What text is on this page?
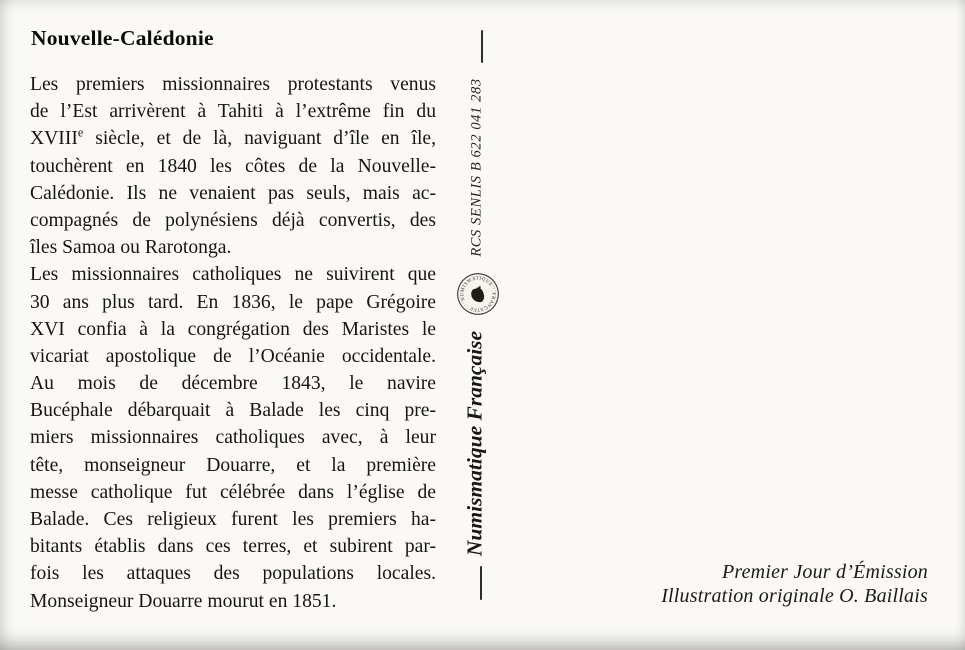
Nouvelle-Calédonie
Les premiers missionnaires protestants venus
de l’Est arrivèrent à Tahiti à l’extrême fin du
XVIIIe siècle, et de là, naviguant d’île en île,
touchèrent en 1840 les côtes de la Nouvelle-
Calédonie. Ils ne venaient pas seuls, mais ac-
compagnés de polynésiens déjà convertis, des
îles Samoa ou Rarotonga.
Les missionnaires catholiques ne suivirent que
30 ans plus tard. En 1836, le pape Grégoire
XVI confia à la congrégation des Maristes le
vicariat apostolique de l’Océanie occidentale.
Au mois de décembre 1843, le navire
Bucéphale débarquait à Balade les cinq pre-
miers missionnaires catholiques avec, à leur
tête, monseigneur Douarre, et la première
messe catholique fut célébrée dans l’église de
Balade. Ces religieux furent les premiers ha-
bitants établis dans ces terres, et subirent par-
fois les attaques des populations locales.
Monseigneur Douarre mourut en 1851.
RCS SENLIS B 622 041 283
NUMISMATIQUE · FRANÇAISE ·
Numismatique Française
Premier Jour d’Émission
Illustration originale O. Baillais
